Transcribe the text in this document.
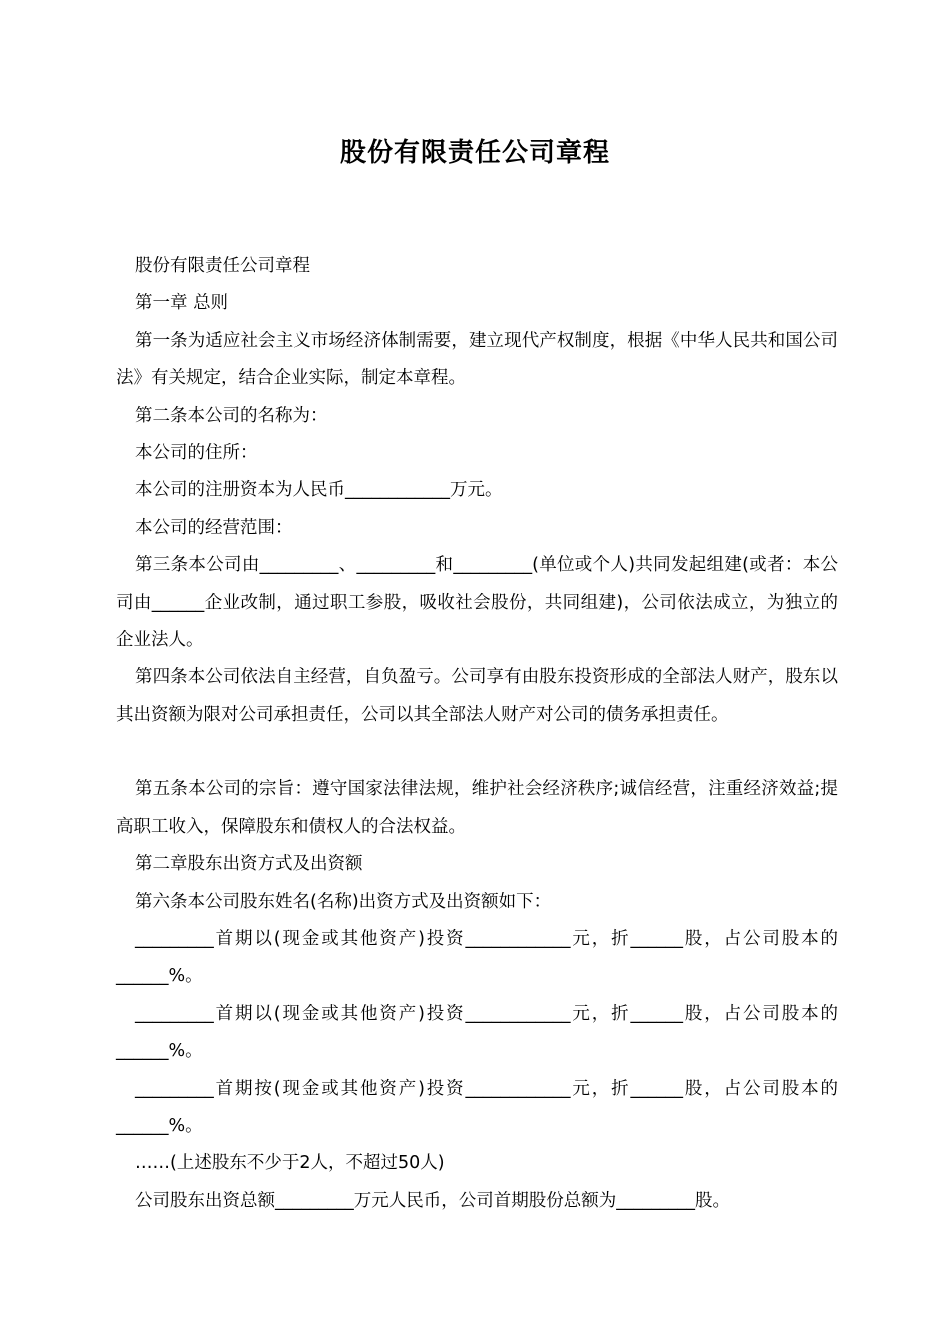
股份有限责任公司章程

股份有限责任公司章程

第一章 总则

第一条为适应社会主义市场经济体制需要，建立现代产权制度，根据《中华人民共和国公司法》有关规定，结合企业实际，制定本章程。

第二条本公司的名称为：

本公司的住所：

本公司的注册资本为人民币____________万元。

本公司的经营范围：

第三条本公司由_________、_________和_________(单位或个人)共同发起组建(或者：本公司由______企业改制，通过职工参股，吸收社会股份，共同组建)，公司依法成立，为独立的企业法人。

第四条本公司依法自主经营，自负盈亏。公司享有由股东投资形成的全部法人财产，股东以其出资额为限对公司承担责任，公司以其全部法人财产对公司的债务承担责任。

第五条本公司的宗旨：遵守国家法律法规，维护社会经济秩序;诚信经营，注重经济效益;提高职工收入，保障股东和债权人的合法权益。

第二章股东出资方式及出资额

第六条本公司股东姓名(名称)出资方式及出资额如下：

_________首期以(现金或其他资产)投资____________元，折______股，占公司股本的______%。

_________首期以(现金或其他资产)投资____________元，折______股，占公司股本的______%。

_________首期按(现金或其他资产)投资____________元，折______股，占公司股本的______%。

……(上述股东不少于2人，不超过50人)

公司股东出资总额_________万元人民币，公司首期股份总额为_________股。
